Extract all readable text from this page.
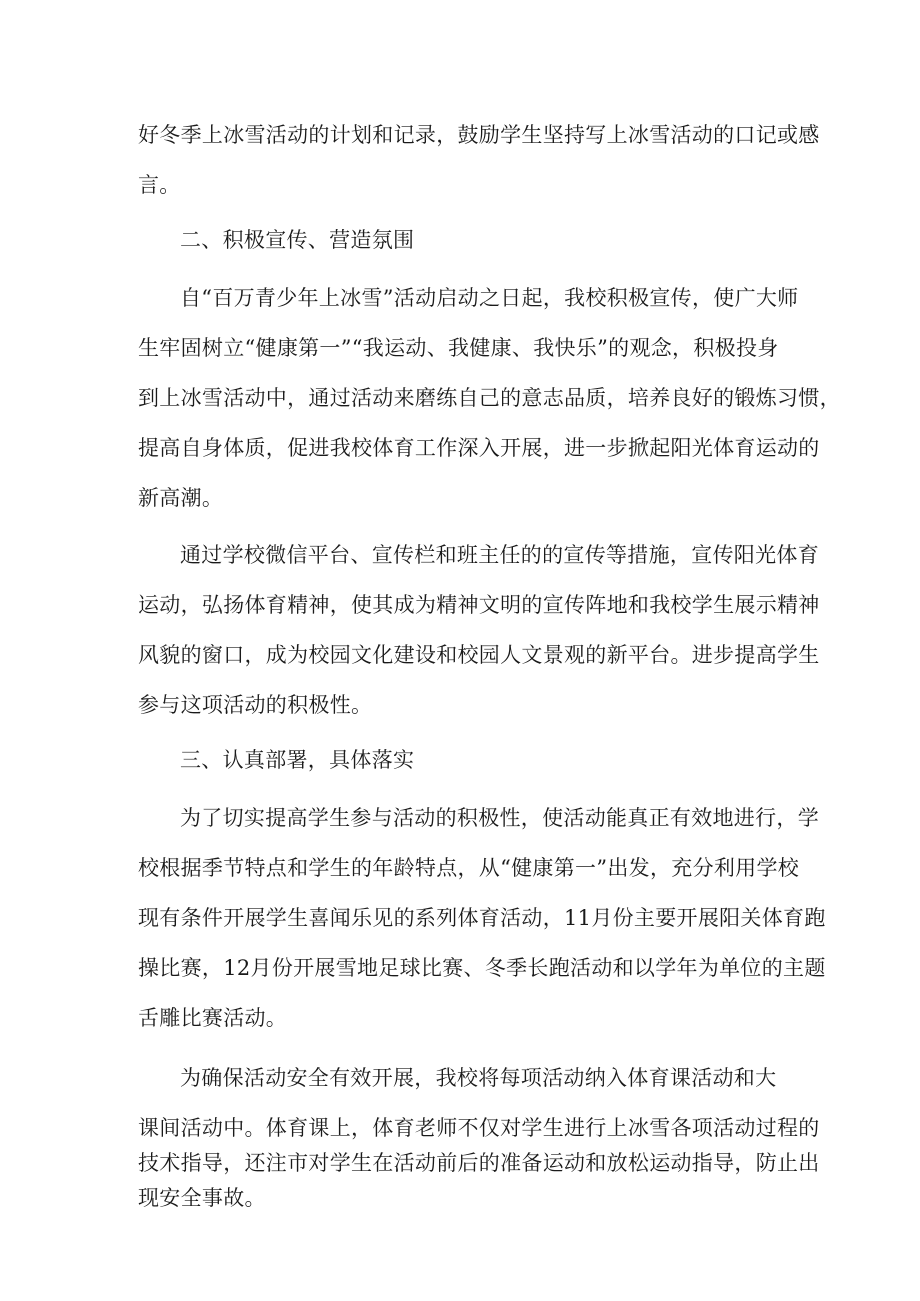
好冬季上冰雪活动的计划和记录，鼓励学生坚持写上冰雪活动的口记或感
言。
二、积极宣传、营造氛围
自“百万青少年上冰雪”活动启动之日起，我校积极宣传，使广大师
生牢固树立“健康第一”“我运动、我健康、我快乐”的观念，积极投身
到上冰雪活动中，通过活动来磨练自己的意志品质，培养良好的锻炼习惯，
提高自身体质，促进我校体育工作深入开展，进一步掀起阳光体育运动的
新高潮。
通过学校微信平台、宣传栏和班主任的的宣传等措施，宣传阳光体育
运动，弘扬体育精神，使其成为精神文明的宣传阵地和我校学生展示精神
风貌的窗口，成为校园文化建设和校园人文景观的新平台。进步提高学生
参与这项活动的积极性。
三、认真部署，具体落实
为了切实提高学生参与活动的积极性，使活动能真正有效地进行，学
校根据季节特点和学生的年龄特点，从“健康第一”出发，充分利用学校
现有条件开展学生喜闻乐见的系列体育活动，11月份主要开展阳关体育跑
操比赛，12月份开展雪地足球比赛、冬季长跑活动和以学年为单位的主题
舌雕比赛活动。
为确保活动安全有效开展，我校将每项活动纳入体育课活动和大
课间活动中。体育课上，体育老师不仅对学生进行上冰雪各项活动过程的
技术指导，还注市对学生在活动前后的准备运动和放松运动指导，防止出
现安全事故。
